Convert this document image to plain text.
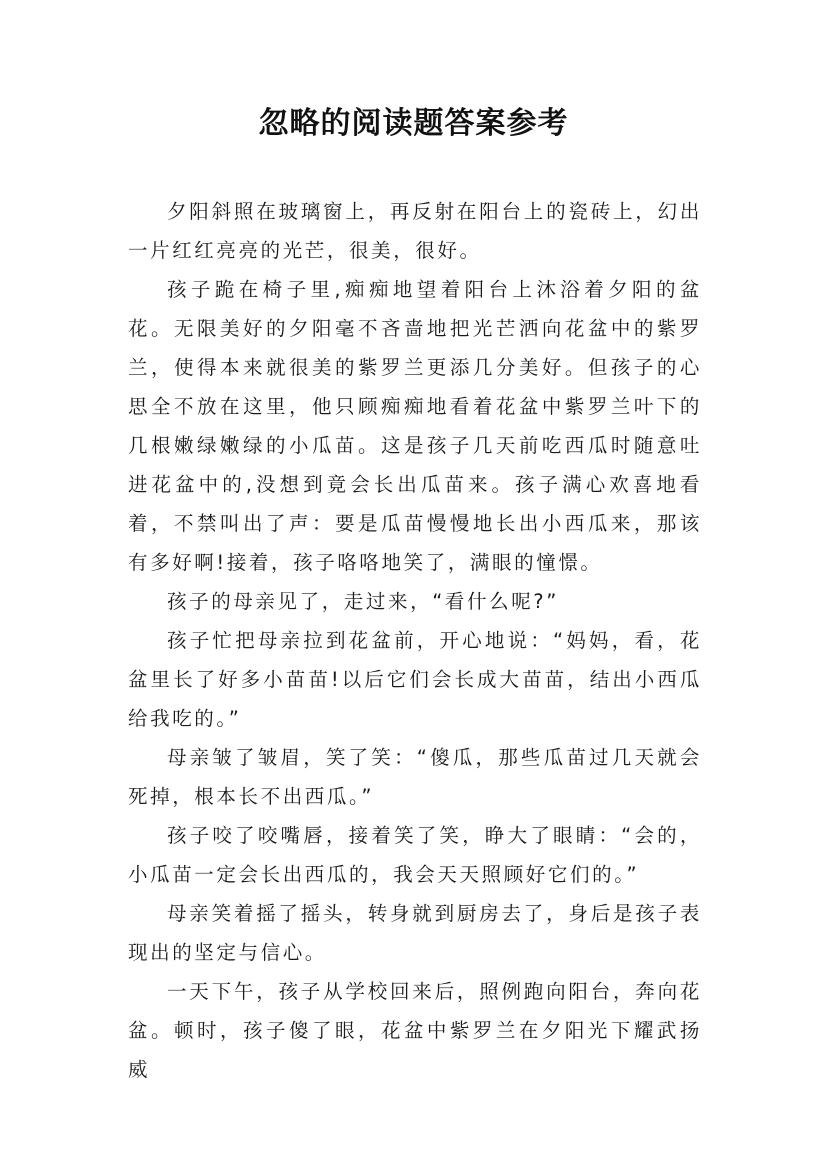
忽略的阅读题答案参考

夕阳斜照在玻璃窗上，再反射在阳台上的瓷砖上，幻出一片红红亮亮的光芒，很美，很好。

孩子跪在椅子里,痴痴地望着阳台上沐浴着夕阳的盆花。无限美好的夕阳毫不吝啬地把光芒洒向花盆中的紫罗兰，使得本来就很美的紫罗兰更添几分美好。但孩子的心思全不放在这里，他只顾痴痴地看着花盆中紫罗兰叶下的几根嫩绿嫩绿的小瓜苗。这是孩子几天前吃西瓜时随意吐进花盆中的,没想到竟会长出瓜苗来。孩子满心欢喜地看着，不禁叫出了声：要是瓜苗慢慢地长出小西瓜来，那该有多好啊!接着，孩子咯咯地笑了，满眼的憧憬。

孩子的母亲见了，走过来，“看什么呢?”

孩子忙把母亲拉到花盆前，开心地说：“妈妈，看，花盆里长了好多小苗苗!以后它们会长成大苗苗，结出小西瓜给我吃的。”

母亲皱了皱眉，笑了笑：“傻瓜，那些瓜苗过几天就会死掉，根本长不出西瓜。”

孩子咬了咬嘴唇，接着笑了笑，睁大了眼睛：“会的，小瓜苗一定会长出西瓜的，我会天天照顾好它们的。”

母亲笑着摇了摇头，转身就到厨房去了，身后是孩子表现出的坚定与信心。

一天下午，孩子从学校回来后，照例跑向阳台，奔向花盆。顿时，孩子傻了眼，花盆中紫罗兰在夕阳光下耀武扬威
